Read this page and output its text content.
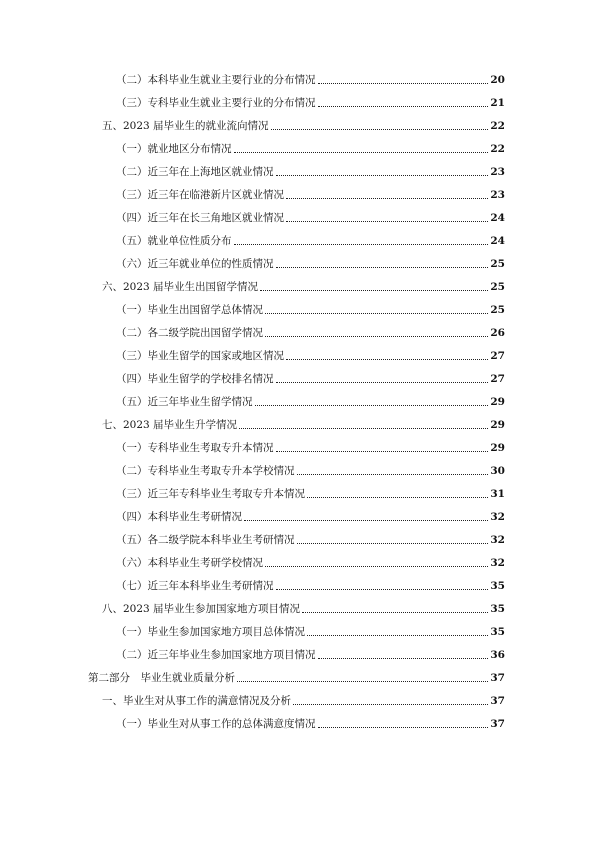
（二）本科毕业生就业主要行业的分布情况	20
（三）专科毕业生就业主要行业的分布情况	21
五、2023 届毕业生的就业流向情况	22
（一）就业地区分布情况	22
（二）近三年在上海地区就业情况	23
（三）近三年在临港新片区就业情况	23
（四）近三年在长三角地区就业情况	24
（五）就业单位性质分布	24
（六）近三年就业单位的性质情况	25
六、2023 届毕业生出国留学情况	25
（一）毕业生出国留学总体情况	25
（二）各二级学院出国留学情况	26
（三）毕业生留学的国家或地区情况	27
（四）毕业生留学的学校排名情况	27
（五）近三年毕业生留学情况	29
七、2023 届毕业生升学情况	29
（一）专科毕业生考取专升本情况	29
（二）专科毕业生考取专升本学校情况	30
（三）近三年专科毕业生考取专升本情况	31
（四）本科毕业生考研情况	32
（五）各二级学院本科毕业生考研情况	32
（六）本科毕业生考研学校情况	32
（七）近三年本科毕业生考研情况	35
八、2023 届毕业生参加国家地方项目情况	35
（一）毕业生参加国家地方项目总体情况	35
（二）近三年毕业生参加国家地方项目情况	36
第二部分　毕业生就业质量分析	37
一、毕业生对从事工作的满意情况及分析	37
（一）毕业生对从事工作的总体满意度情况	37
